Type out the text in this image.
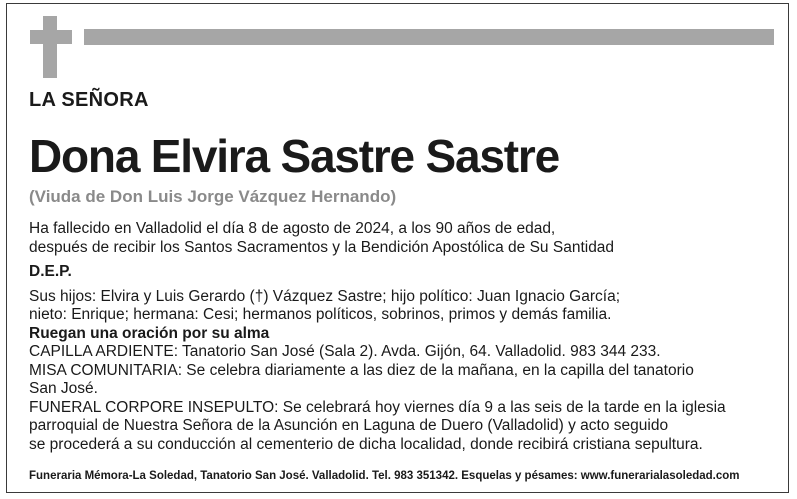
LA SEÑORA
Dona Elvira Sastre Sastre
(Viuda de Don Luis Jorge Vázquez Hernando)
Ha fallecido en Valladolid el día 8 de agosto de 2024, a los 90 años de edad,
después de recibir los Santos Sacramentos y la Bendición Apostólica de Su Santidad
D.E.P.
Sus hijos: Elvira y Luis Gerardo (†) Vázquez Sastre; hijo político: Juan Ignacio García;
nieto: Enrique; hermana: Cesi; hermanos políticos, sobrinos, primos y demás familia.
Ruegan una oración por su alma
CAPILLA ARDIENTE: Tanatorio San José (Sala 2). Avda. Gijón, 64. Valladolid. 983 344 233.
MISA COMUNITARIA: Se celebra diariamente a las diez de la mañana, en la capilla del tanatorio
San José.
FUNERAL CORPORE INSEPULTO: Se celebrará hoy viernes día 9 a las seis de la tarde en la iglesia
parroquial de Nuestra Señora de la Asunción en Laguna de Duero (Valladolid) y acto seguido
se procederá a su conducción al cementerio de dicha localidad, donde recibirá cristiana sepultura.
Funeraria Mémora-La Soledad, Tanatorio San José. Valladolid. Tel. 983 351342. Esquelas y pésames: www.funerarialasoledad.com
